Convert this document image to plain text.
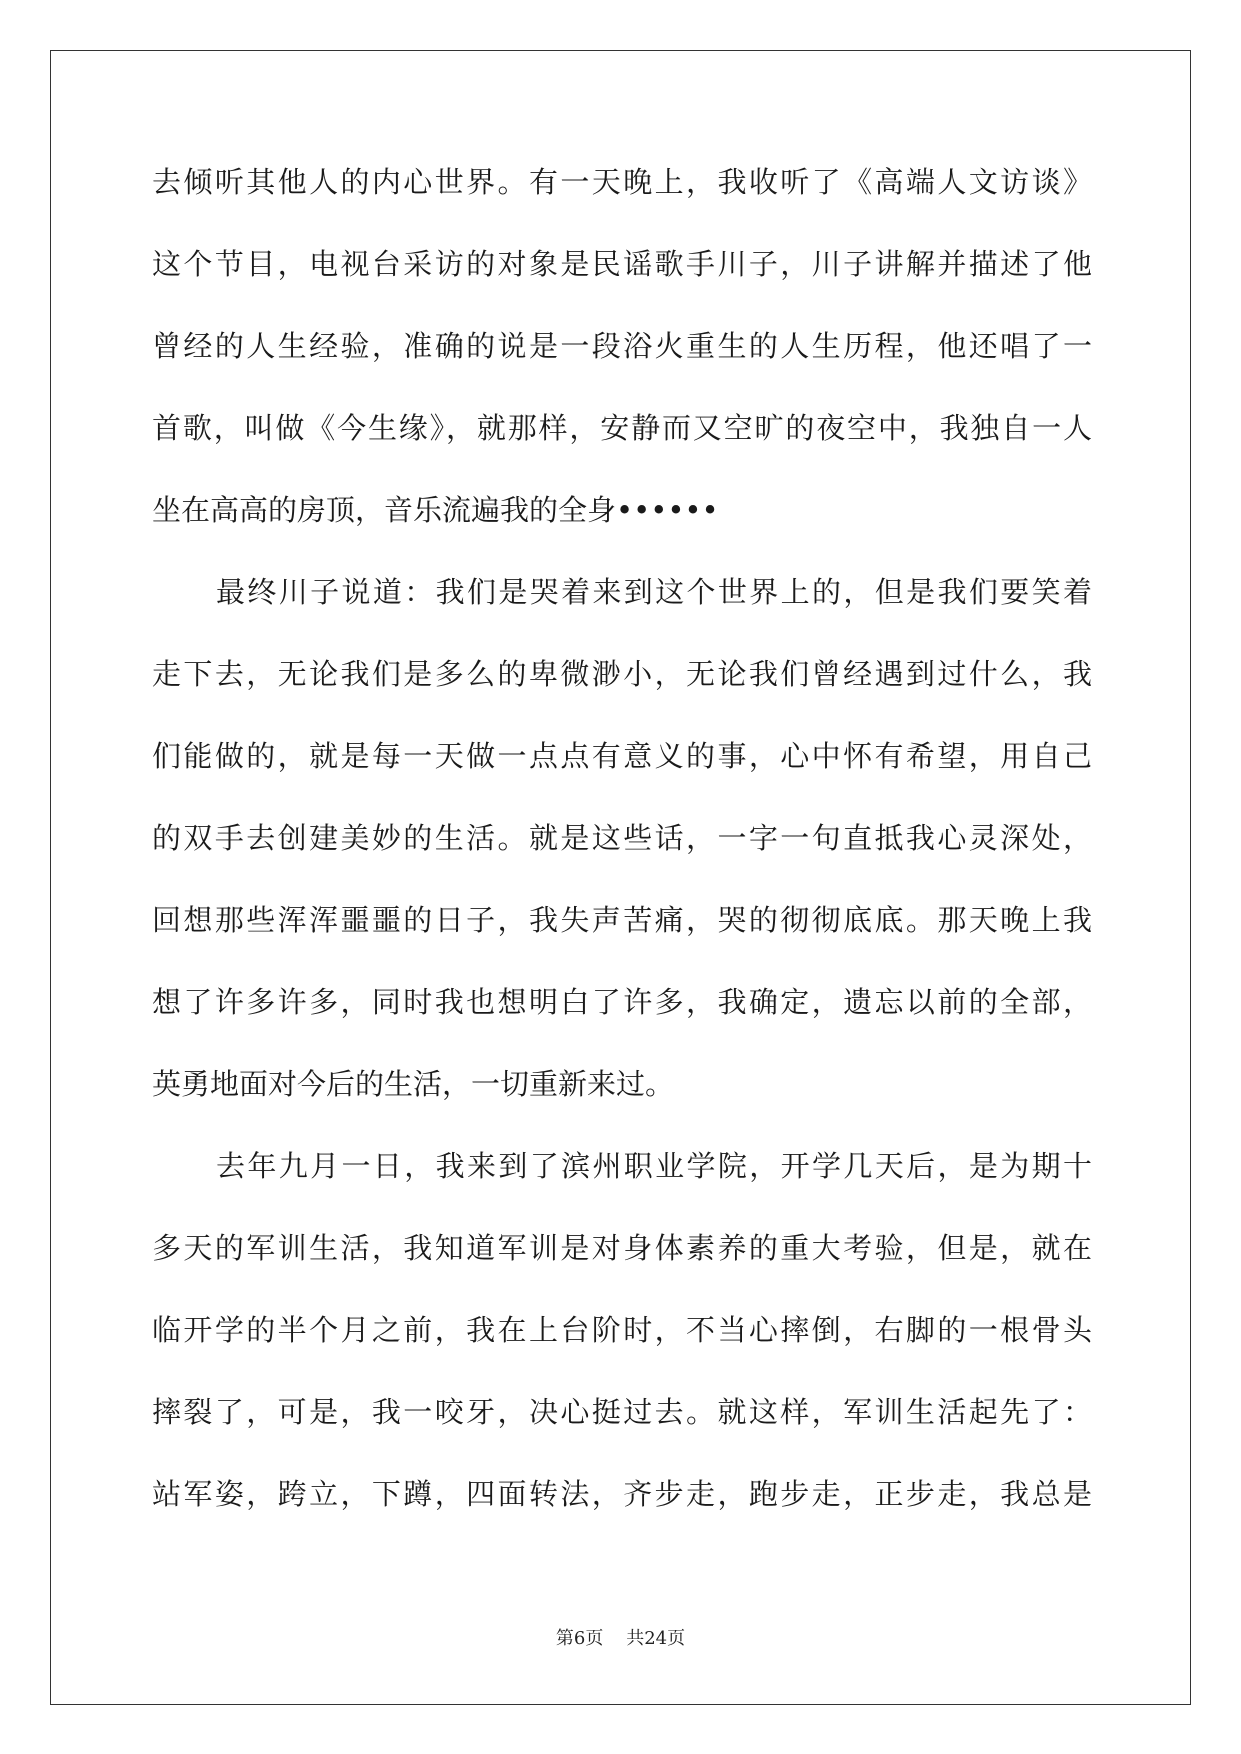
去倾听其他人的内心世界。有一天晚上，我收听了《高端人文访谈》
这个节目，电视台采访的对象是民谣歌手川子，川子讲解并描述了他
曾经的人生经验，准确的说是一段浴火重生的人生历程，他还唱了一
首歌，叫做《今生缘》，就那样，安静而又空旷的夜空中，我独自一人
坐在高高的房顶，音乐流遍我的全身••••••
最终川子说道：我们是哭着来到这个世界上的，但是我们要笑着
走下去，无论我们是多么的卑微渺小，无论我们曾经遇到过什么，我
们能做的，就是每一天做一点点有意义的事，心中怀有希望，用自己
的双手去创建美妙的生活。就是这些话，一字一句直抵我心灵深处，
回想那些浑浑噩噩的日子，我失声苦痛，哭的彻彻底底。那天晚上我
想了许多许多，同时我也想明白了许多，我确定，遗忘以前的全部，
英勇地面对今后的生活，一切重新来过。
去年九月一日，我来到了滨州职业学院，开学几天后，是为期十
多天的军训生活，我知道军训是对身体素养的重大考验，但是，就在
临开学的半个月之前，我在上台阶时，不当心摔倒，右脚的一根骨头
摔裂了，可是，我一咬牙，决心挺过去。就这样，军训生活起先了：
站军姿，跨立，下蹲，四面转法，齐步走，跑步走，正步走，我总是
第6页 共24页
